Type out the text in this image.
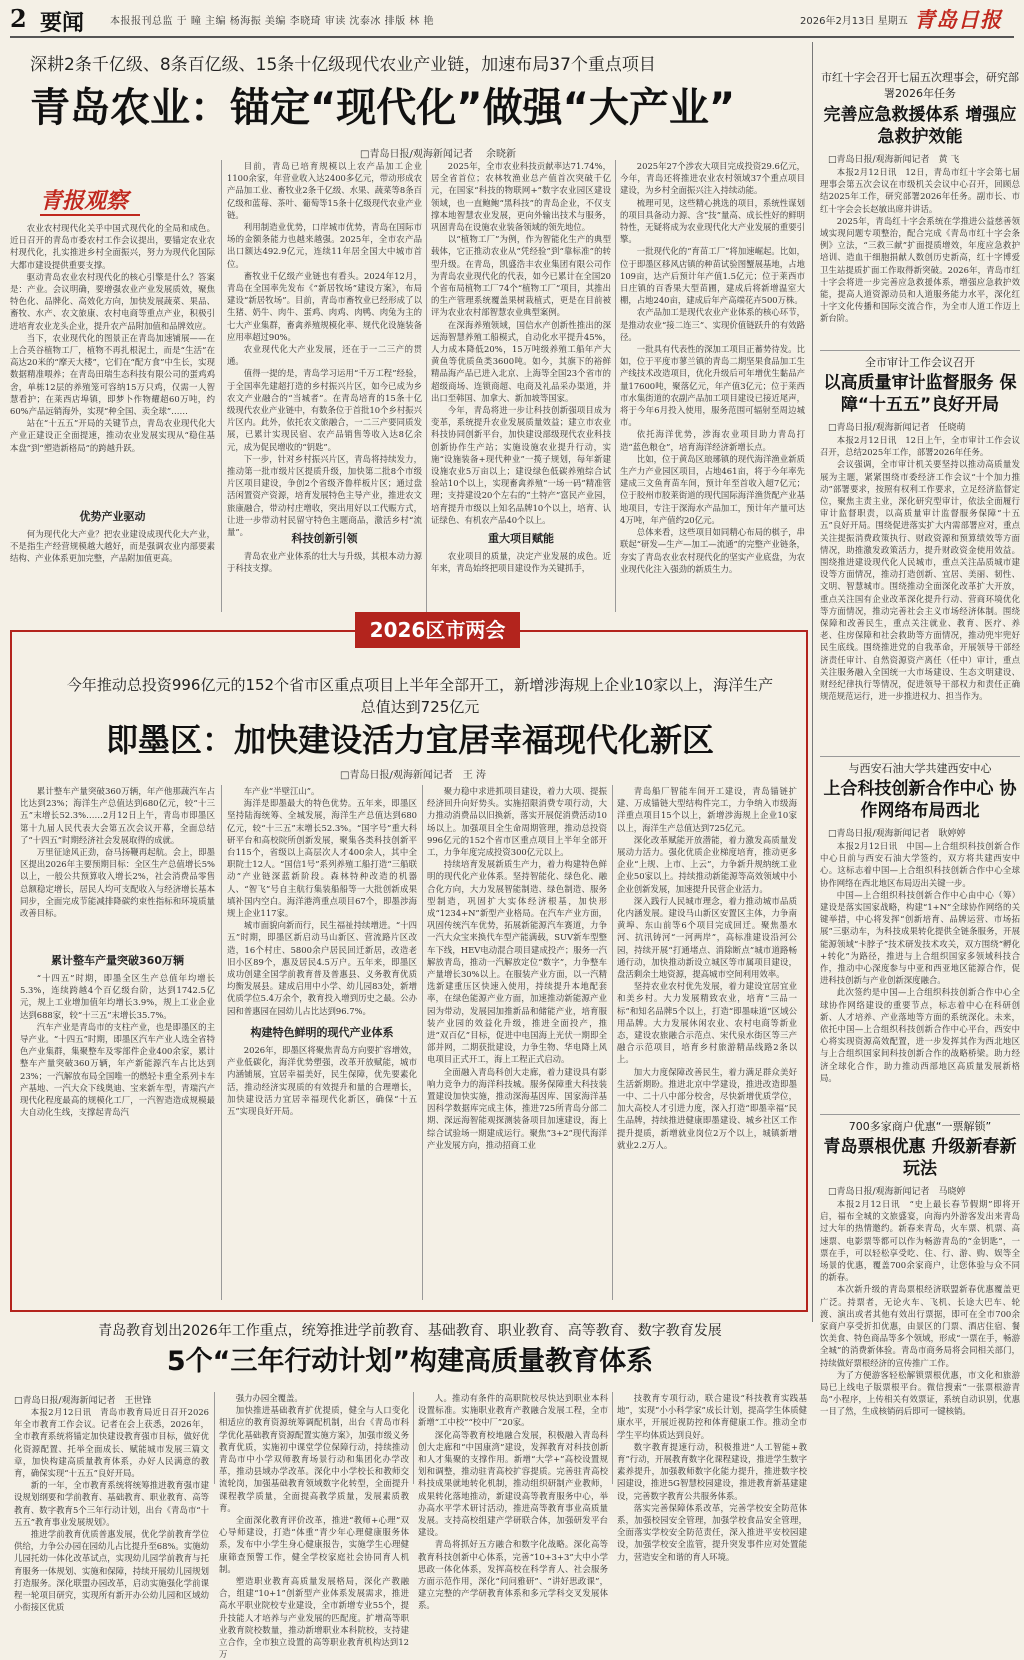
2 要闻	本报报刊总监 于 瞳 主编 杨海振 美编 李晓琦 审读 沈泰冰 排版 林 艳	2026年2月13日 星期五 青岛日报
深耕2条千亿级、8条百亿级、15条十亿级现代农业产业链，加速布局37个重点项目
青岛农业：锚定“现代化”做强“大产业”
□青岛日报/观海新闻记者 　余晓新
青报观察

农业农村现代化关乎中国式现代化的全局和成色。近日召开的青岛市委农村工作会议提出，要锚定农业农村现代化，扎实推进乡村全面振兴，努力为现代化国际大都市建设提供重要支撑。

驱动青岛农业农村现代化的核心引擎是什么？答案是：产业。会议明确，要增强农业产业发展质效，聚焦特色化、品牌化、高效化方向，加快发展蔬菜、果品、畜牧、水产、农文旅康、农村电商等重点产业，积极引进培育农业龙头企业，提升农产品附加值和品牌效应。

当下，农业现代化的图景正在青岛加速铺展——在上合英谷植物工厂，植物不再扎根泥土，而是“生活”在高达20米的“摩天大楼”，它们在“配方食”中生长，实现数据精准喂养；在青岛田瑞生态科技有限公司的蛋鸡鸡舍，单栋12层的养殖笼可容纳15万只鸡，仅需一人智慧看护；在莱西店埠镇，即梦卜作物耀超60万吨，约60%产品远销海外，实现“种全国、卖全球”……

站在“十五五”开局的关键节点，青岛农业现代化大产业正建设正全面提速，推动农业发展实现从“稳住基本盘”到“塑造新格局”的跨越升跃。

优势产业驱动

何为现代化大产业？把农业建设成现代化大产业，不是指生产经营规模越大越好，而是强调农业内部要素结构、产业体系更加完整，产品附加值更高。

目前，青岛已培育规模以上农产品加工企业1100余家，年营业收入达2400多亿元，带动形成农产品加工业、畜牧业2条千亿级、水果、蔬菜等8条百亿级和蓝莓、茶叶、葡萄等15条十亿级现代农业产业链。

利用制造业优势，口岸城市优势，青岛在国际市场的金额条能力也越来越强。2025年，全市农产品出口额达492.9亿元，连续11年居全国大中城市首位。

畜牧业千亿级产业链也有看头。2024年12月，青岛在全国率先发布《“新居牧场”建设方案》，布局建设“新居牧场”。目前，青岛市畜牧业已经形成了以生猪、奶牛、肉牛、蛋鸡、肉鸡、肉鸭、肉兔为主的七大产业集群，畜禽养殖规模化率、规代化设施装备应用率超过90%。

农业现代化大产业发展，还在于一二三产的贯通。

值得一提的是，青岛学习运用“千万工程”经验，于全国率先建超打造的乡村振兴片区，如今已成为乡农文产业融合的“当城者”。在青岛培育的15条十亿级现代农业产业链中，有数条位于首批10个乡村振兴片区内。此外，依托农文旅融合，一二三产要同质发展，已累计实现民宿、农产品销售等收入达8亿余元，成为促民增收的“钥匙”。

下一步，针对乡村振兴片区，青岛将持续发力，推动第一批市级片区提质升级，加快第二批8个市级片区项目建设，争创2个省级齐鲁样板片区；通过盘活闲置资产资源，培育发展特色主导产业，推进农文旅康融合，带动村庄增收，突出用好以工代赈方式，让进一步带动村民留守特色主题商品，激活乡村“流量”。	科技创新引领

青岛农业产业体系的壮大与升级，其根本动力源于科技支撑。

2025年，全市农业科技贡献率达71.74%，居全省首位；农林牧渔业总产值首次突破千亿元，在国家“科技的物联网+”数字农业园区建设领域，也一直鲍鲍“黑科技”的青岛企业，不仅支撑本地智慧农业发展，更向外输出技术与服务，巩固青岛在设施农业装备领域的领先地位。

以“植物工厂”为例，作为智能化生产的典型载体，它正推动农业从“凭经验”到“靠标准”的转型升级。在青岛，凯盛浩丰农业集团有限公司作为青岛农业现代化的代表，如今已累计在全国20个省布局植物工厂74个“植物工厂”项目，其推出的生产管理系统覆盖果树栽植式，更是在目前被评为农业农村部智慧农业典型案例。

在深海养殖领域，国信水产创新性推出的深远海智慧养殖工船模式，自动化水平提升45%，人力成本降低20%，15万吨级养殖工船年产大黄鱼等优质鱼类3600吨。如今，其旗下的裕鲜精品海产品已进入北京、上海等全国23个省市的超级商场、连锁商超、电商及礼品采办渠道，并出口至韩国、加拿大、新加坡等国家。

今年，青岛将进一步让科技创新强项目成为变革，系统提升农业发展质量效益；建立市农业科技协同创新平台，加快建设部级现代农业科技创新协作生产站；实施设施农业提升行动，实施“设施装备+现代种业”一揽子规划，每年新建设施农业5万亩以上；建设绿色低碳养殖综合试验站10个以上，实现畜禽养殖“一场一码”精准管理；支持建设20个左右的“土特产”富民产业园，培育提升市级以上知名品牌10个以上，培育、认证绿色、有机农产品40个以上。

重大项目赋能

农业项目的质量，决定产业发展的成色。近年来，青岛始终把项目建设作为关键抓手，

2025年27个涉农大项目完成投资29.6亿元，今年，青岛还将推进农业农村领域37个重点项目建设，为乡村全面振兴注入持续动能。

梳理可见，这些精心挑选的项目，系统性谋划的项目具备动力源、含“技”量高、成长性好的鲜明特性，无疑将成为农业现代化大产业发展的重要引擎。

一批现代化的“育苗工厂”将加速崛起。比如，位于即墨区移风店镇的种苗试验图蟹展基地，占地109亩，达产后预计年产值1.5亿元；位于莱西市日庄镇的百香果大型苗圃，建成后将新增温室大棚，占地240亩，建成后年产高端花卉500万株。

农产品加工是现代农业产业体系的核心环节，是推动农业“接二连三”、实现价值链跃升的有效路径。

一批具有代表性的深加工项目正蓄势待发。比如，位于平度市蓼兰镇的青岛二期坚果食品加工生产线技术改造项目，优化升级后可年增优生黏品产量17600吨，聚落亿元，年产值3亿元；位于莱西市水集街道的农副产品加工项目建设已接近尾声，将于今年6月投入使用，服务范围可辐射至周边城市。

依托海洋优势，涉海农业项目助力青岛打造“蓝色粮仓”，培育海洋经济新增长点。

比如，位于黄岛区琅琊镇的现代海洋渔业新质生产力产业园区项目，占地461亩，将于今年率先建成三文鱼育苗车间，预计年至首收入超7亿元；位于胶州市胶莱街道的现代国际海洋渔货配产业基地项目，专注于深海水产品加工，预计年产量可达4万吨，年产值约20亿元。

总体来看，这些项目如同精心布局的棋子，串联起“研发—生产—加工—流通”的完整产业链条，夯实了青岛农业农村现代化的坚实产业底盘，为农业现代化注入强劲的新质生力。

市红十字会召开七届五次理事会，研究部署2026年任务
完善应急救援体系 增强应急救护效能
□青岛日报/观海新闻记者　黄 飞

本报2月12日讯　12日，青岛市红十字会第七届理事会第五次会议在市级机关会议中心召开，回顾总结2025年工作，研究部署2026年任务。副市长、市红十字会会长赵敏出席并讲话。

2025年，青岛红十字会系统在学推进公益慈善领域实现问题专项整治，配合完成《青岛市红十字会条例》立法，“三救三献”扩面提质增效，年度应急救护培训、造血干细胞捐献人数创历史新高，红十字博爱卫生站提质扩面工作取得新突破。2026年，青岛市红十字会将进一步完善应急救援体系，增强应急救护效能，提高人道资源动员和人道服务能力水平，深化红十字文化传播和国际交流合作，为全市人道工作迈上新台阶。

全市审计工作会议召开
以高质量审计监督服务 保障“十五五”良好开局
□青岛日报/观海新闻记者　任晓萌

本报2月12日讯　12日上午，全市审计工作会议召开，总结2025年工作，部署2026年任务。

会议强调，全市审计机关要坚持以推动高质量发展为主题，紧紧围绕市委经济工作会议“十个加力推动”部署要求，按照有权利工作要求，立足经济监督定位，聚焦主责主业，深化研究型审计，依法全面履行审计监督职责，以高质量审计监督服务保障“十五五”良好开局。围绕促进落实扩大内需部署应对，重点关注提振消费政策执行、财政资源和预算绩效等方面情况，助推激发政策活力，提升财政资金使用效益。围绕推进建设现代化人民城市，重点关注品质城市建设等方面情况，推动打造创新、宜居、美丽、韧性、文明、智慧城市。围绕推动全面深化改革扩大开放，重点关注国有企业改革深化提升行动、营商环境优化等方面情况，推动完善社会主义市场经济体制。围绕保障和改善民生，重点关注就业、教育、医疗、养老、住房保障和社会救助等方面情况，推动兜牢兜好民生底线。围绕推进党的自我革命，开展领导干部经济责任审计、自然资源资产离任（任中）审计，重点关注服务融入全国统一大市场建设、生态文明建设、财经纪律执行等情况，促进领导干部权力和责任正确规范规范运行，进一步推进权力、担当作为。

与西安石油大学共建西安中心
上合科技创新合作中心 协作网络布局西北
□青岛日报/观海新闻记者　耿婷婷

本报2月12日讯　中国—上合组织科技创新合作中心日前与西安石油大学签约，双方将共建西安中心。这标志着中国—上合组织科技创新合作中心全球协作网络在西北地区布局迈出关键一步。

中国—上合组织科技创新合作中心由中心（筹）建设是落实国家战略，构建“1+N”全球协作网络的关键举措，中心将发挥“创新培育、品牌运营、市场拓展”三驱动车，为科技成果转化提供全链条服务，开展能源领域“卡脖子”技术研发技术攻关，双方围绕“孵化+转化”为路径，推进与上合组织国家多领域科技合作，推动中心深度参与中亚和西亚地区能源合作，促进科技创新与产业创新深度融合。

此次签约是中国—上合组织科技创新合作中心全球协作网络建设的重要节点，标志着中心在科研创新、人才培养、产业落地等方面的系统深化。未来，依托中国—上合组织科技创新合作中心平台，西安中心将实现资源高效配置，进一步发挥其作为西北地区与上合组织国家间科技创新合作的战略桥梁。助力经济全球化合作，助力推动西部地区高质量发展新格局。

700多家商户优惠“一票解锁”
青岛票根优惠 升级新春新玩法
□青岛日报/观海新闻记者　马晓婷

本报2月12日讯　“史上最长春节假期”即将开启，福布全城的文旅盛宴，向海内外游客发出来青岛过大年的热情邀约。新春来青岛，火车票、机票、高速票、电影票等都可以作为畅游青岛的“金钥匙”，一票在手，可以轻松享受吃、住、行、游、购、娱等全场景的优惠，覆盖700余家商户，让您体验与众不同的新春。

本次新升级的青岛票根经济联盟新春优惠覆盖更广泛。持票者，无论火车、飞机、长途大巴车、轮渡、演出或者其他有效出行票据，即可在全市700余家商户享受折扣优惠，由景区的门票、酒店住宿、餐饮美食、特色商品等多个领域，形成“一票在手，畅游全城”的消费新体验。青岛市商务局将会同相关部门，持续做好票根经济的宣传推广工作。

为了方便游客轻松解锁票根优惠，市文化和旅游局已上线电子版票根平台。微信搜索“一张票根游青岛”小程序，上传相关有效票证，系统自动识别，优惠一目了然，生成核销码后即可一键核销。

2026区市两会
今年推动总投资996亿元的152个省市区重点项目上半年全部开工，新增涉海规上企业10家以上，海洋生产总值达到725亿元
即墨区：加快建设活力宜居幸福现代化新区
□青岛日报/观海新闻记者　王 涛

累计整车产量突破360万辆，年产他那蔬汽车占比达到23%；海洋生产总值达到680亿元，较“十三五”末增长52.3%……2月12日上午，青岛市即墨区第十九届人民代表大会第五次会议开幕，全面总结了“十四五”时期经济社会发展取得的成就。

万里征途风正劲，奋马扬鞭再起航。会上，即墨区提出2026年主要预期目标：全区生产总值增长5%以上，一般公共预算收入增长2%，社会消费品零售总额稳定增长，居民人均可支配收入与经济增长基本同步，全面完成节能减排降碳约束性指标和环境质量改善目标。

累计整车产量突破360万辆

“十四五”时期，即墨全区生产总值年均增长5.3%，连续跨越4个百亿级台阶，达到1742.5亿元，规上工业增加值年均增长3.9%，规上工业企业达到688家，较“十三五”末增长35.7%。

汽车产业是青岛市的支柱产业，也是即墨区的主导产业。“十四五”时期，即墨区汽车产业人选全省特色产业集群，集聚整车及零部件企业400余家，累计整车产量突破360万辆，年产新能源汽车占比达到23%；一汽解放布局全国唯一的燃轻卡重全系列卡车产基地、一汽大众下线奥迪、宝来新车型，青瑞汽产现代化程度最高的规模化工厂，一汽智造造成规模最大自动化生线，支撑起青岛汽

车产业“半壁江山”。

海洋是即墨最大的特色优势。五年来，即墨区坚持陆海统筹、全城发展，海洋生产总值达到680亿元，较“十三五”末增长52.3%。“国字号”重大科研平台和高校院所创新发展，聚集各类科技创新平台115个，省级以上高层次人才400余人，其中全职院士12人。“国信1号”系列养殖工船打造“三船联动”产业链深蓝新阶段。森林特种改造的机器人、“智飞”号自主航行集装船船等一大批创新成果填补国内空白。海洋港湾重点项目67个，即墨涉海规上企业117家。

城市面貌向新而行，民生福祉持续增进。“十四五”时期，即墨区新启动马山新区、营流路片区改造，16个村庄、5800余户居民回迁新居，改造老旧小区89个，惠及居民4.5万户。五年来，即墨区成功创建全国学前教育普及普惠县、义务教育优质均衡发展县。建成启用中小学、幼儿园83处，新增优质学位5.4万余个，教育投入增到历史之最。公办园和普惠园在园幼儿占比达到96.7%。

构建特色鲜明的现代产业体系

2026年，即墨区将聚焦青岛方向要扩容增效，产业低碳化，海洋优势塑强，改革开放赋能，城市内涵铺展，宜居幸福美好，民生保障，优先要素化活，推动经济实现质的有效提升和量的合理增长，加快建设活力宜居幸福现代化新区，确保“十五五”实现良好开局。

聚力稳中求进抓项目建设，着力大项、提振经济回升向好势头。实施招限消费专项行动，大力推动消费品以旧换新，落实开展促消费活动10场以上。加强项目全生命周期管理，推动总投资996亿元的152个省市区重点项目上半年全部开工，力争年度完成投资300亿元以上。

持续培育发展新质生产力，着力构建特色鲜明的现代化产业体系。坚持智能化、绿色化、融合化方向，大力发展智能制造、绿色制造、服务型制造，巩固扩大实体经济根基，加快形成“1234+N”新型产业格局。在汽车产业方面，巩固传统汽车优势，拓展新能源汽车赛道，力争一汽大众宝来换代车型产能满载，SUV新车型整车下线，HEV电动混合项目建成投产；服务一汽解放青岛，推动一汽解放定位“数字”，力争整车产量增长30%以上。在服装产业方面，以一汽精选新建重压区快速入使用，持续提升本地配套率，在绿色能源产业方面，加速推动新能源产业园为带动，发展园加推新品和储能产业，培育服装产业园的效益化升级，推进全面投产，推进“双百亿”目标，促进中电国海上光伏一期即全部并网，二期获批建设，力争生物、华电降上风电项目正式开工，海上工程正式启动。

全面融入青岛科创大走廊，着力建设具有影响力竞争力的海洋科技城。服务保障重大科技装置建设加快实施，推动深海基因库、国家海洋基因科学数据库完成主体，推进725所青岛分部二期、深远海智能观探测装备项目加速建设，海上综合试验场一期建成运行。聚焦“3+2”现代海洋产业发展方向，推动招商工业

青岛船厂智能车间开工建设，青岛锚链扩建、万成锚链大型结构件完工，力争纳入市级海洋重点项目15个以上，新增涉海规上企业10家以上，海洋生产总值达到725亿元。

深化改革赋能开放潜能，着力激发高质量发展动力活力。强化优质企业梯度培育，推动更多企业“上规、上市、上云”，力争新升规纳统工业企业50家以上。持续推动新能源等高效领域中小企业创新发展，加速提升民营企业活力。

深入践行人民城市理念，着力推动城市品质化内涵发展。建设马山新区安置区主体，力争南黄埠、东山前等6个项目完成回迁。聚焦墨水河、抗汛铸河“一河两岸”，高标准建设沿河公园，持续开展“打通堵点、消除断点”城市道路畅通行动，加快推动新设立城区等市属项目建设，盘活剩余土地资源，提高城市空间利用效率。

坚持农业农村优先发展，着力建设宜居宜业和美乡村。大力发展精致农业，培育“三品一标”和知名品牌5个以上，打造“即墨味道”区域公用品牌。大力发展休闲农业、农村电商等新业态，建设农旅融合示范点、宋代泉水街区等三产融合示范项目，培育乡村旅游精品线路2条以上。

加大力度保障改善民生，着力满足群众美好生活新期盼。推进北京中学建设，推进改造即墨一中、二十八中部分校舍，尽快新增优质学位，加大高校人才引进力度，深入打造“即墨幸福”民生品牌，持续推进健康即墨建设、城乡社区工作提升提质，新增就业岗位2万个以上，城镇新增就业2.2万人。

青岛教育划出2026年工作重点，统筹推进学前教育、基础教育、职业教育、高等教育、数字教育发展
5个“三年行动计划”构建高质量教育体系
□青岛日报/观海新闻记者　王世锋

本报2月12日讯　青岛市教育局近日召开2026年全市教育工作会议。记者在会上获悉，2026年，全市教育系统将锚定加快建设教育强市目标，做好优化资源配置、托举全面成长、赋能城市发展三篇文章，加快构建高质量教育体系，办好人民满意的教育，确保实现“十五五”良好开局。

新的一年，全市教育系统将统筹推进教育强市建设规划纲要和学前教育、基础教育、职业教育、高等教育、数字教育5个三年行动计划，出台《青岛市“十五五”教育事业发展规划》。

推进学前教育优质普惠发展，优化学前教育学位供给，力争公办园在园幼儿占比提升至68%。实施幼儿园托幼一体化改革试点，实现幼儿园学前教育与托育服务一体规划、实施和保障，持续开展幼儿园规划打造服务。深化联盟办园改革，启动实施强化学前课程一轮项目研究，实现所有新开办公幼儿园和区域幼小衔接区优质

强力办园全覆盖。

加快推进基础教育扩优提质，健全与人口变化相适应的教育资源统筹调配机制，出台《青岛市科学优化基础教育资源配置实施方案》，加强市级义务教育优质，实施初中课堂学位保障行动，持续推动青岛市中小学双师教育场景行动和集团化办学改革，推动县域办学改革。深化中小学校长和教师交流轮岗，加强基础教育领域数字化转型，全面提升课程教学质量，全面提高教学质量，发展素质教育。

全面深化教育评价改革，推进“教师+心理”双心导师建设，打造“体重”青少年心理健康服务体系，发布中小学生身心健康报告，实施学生心理健康筛查预警工作，健全学校家庭社会协同育人机制。

塑造职业教育高质量发展格局，深化产教融合，组建“10+1”创新型产业体系发展需求，推进高水平职业院校专业建设，全市新增专业55个，提升技能人才培养与产业发展的匹配度。扩增高等职业教育院校数量，推动新增职业本科院校，支持建立合作，全市独立设置的高等职业教育机构达到12万

人。推动有条件的高职院校尽快达到职业本科设置标准。实施职业教育产教融合发展工程，全市新增“工中校”“校中厂”20家。

深化高等教育校地融合发展，积极融入青岛科创大走廊和“中国康湾”建设，发挥教育对科技创新和人才集聚的支撑作用。新增“大学+”高校设置规划和调整，推动驻青高校扩容提质。完善驻青高校科技成果就地转化机制，推动组织研制产业教师，成果转化落地推动，新建设高等教育服务中心，举办高水平学术研讨活动，推进高等教育事业高质量发展。支持高校组建产学研联合体，加强研发平台建设。

青岛将抓好五方融合和数字化战略。深化高等教育科技创新中心体系，完善“10+3+3”大中小学思政一体化体系，发挥高校在科学育人、社会服务方面示范作用，深化“问问雅研”、“讲好思政课”，建立完整的产学研教育体系和多元学科交叉发展体系。

技教育专项行动，联合建设“科技教育实践基地”，实现“小小科学家”成长计划，提高学生体质健康水平，开展近视防控和体育健康工作。推动全市学生平均体质达到良好。

数字教育提速行动，积极推进“人工智能+教育”行动，开展教育数字化课程建设，推进学生数字素养提升，加强教师数字化能力提升，推进数字校园建设，推进5G智慧校园建设，推进教育新基建建设，完善数字教育公共服务体系。

落实完善保障体系改革，完善学校安全防范体系，加强校园安全管理，加强学校食品安全管理，全面落实学校安全防范责任，深入推进平安校园建设，加强学校安全监管，提升突发事件应对处置能力，营造安全和谐的育人环境。
